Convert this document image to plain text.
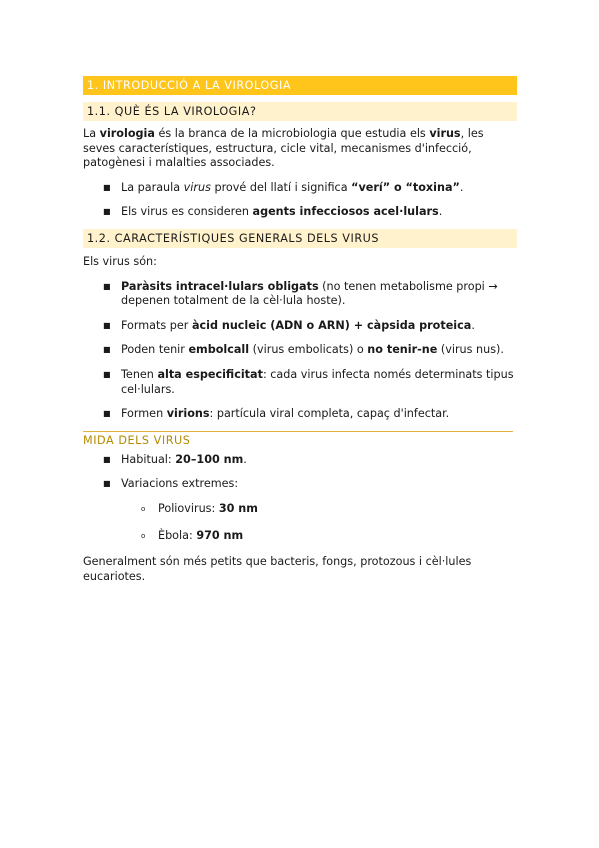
1. INTRODUCCIÓ A LA VIROLOGIA
1.1. QUÈ ÉS LA VIROLOGIA?

La virologia és la branca de la microbiologia que estudia els virus, les seves característiques, estructura, cicle vital, mecanismes d'infecció, patogènesi i malalties associades.

■ La paraula virus prové del llatí i significa “verí” o “toxina”.
■ Els virus es consideren agents infecciosos acel·lulars.
1.2. CARACTERÍSTIQUES GENERALS DELS VIRUS

Els virus són:

■ Paràsits intracel·lulars obligats (no tenen metabolisme propi → depenen totalment de la cèl·lula hoste).
■ Formats per àcid nucleic (ADN o ARN) + càpsida proteica.
■ Poden tenir embolcall (virus embolicats) o no tenir-ne (virus nus).
■ Tenen alta especificitat: cada virus infecta només determinats tipus cel·lulars.
■ Formen virions: partícula viral completa, capaç d'infectar.
MIDA DELS VIRUS
■ Habitual: 20–100 nm.
■ Variacions extremes:
o Poliovirus: 30 nm
o Èbola: 970 nm

Generalment són més petits que bacteris, fongs, protozous i cèl·lules eucariotes.
